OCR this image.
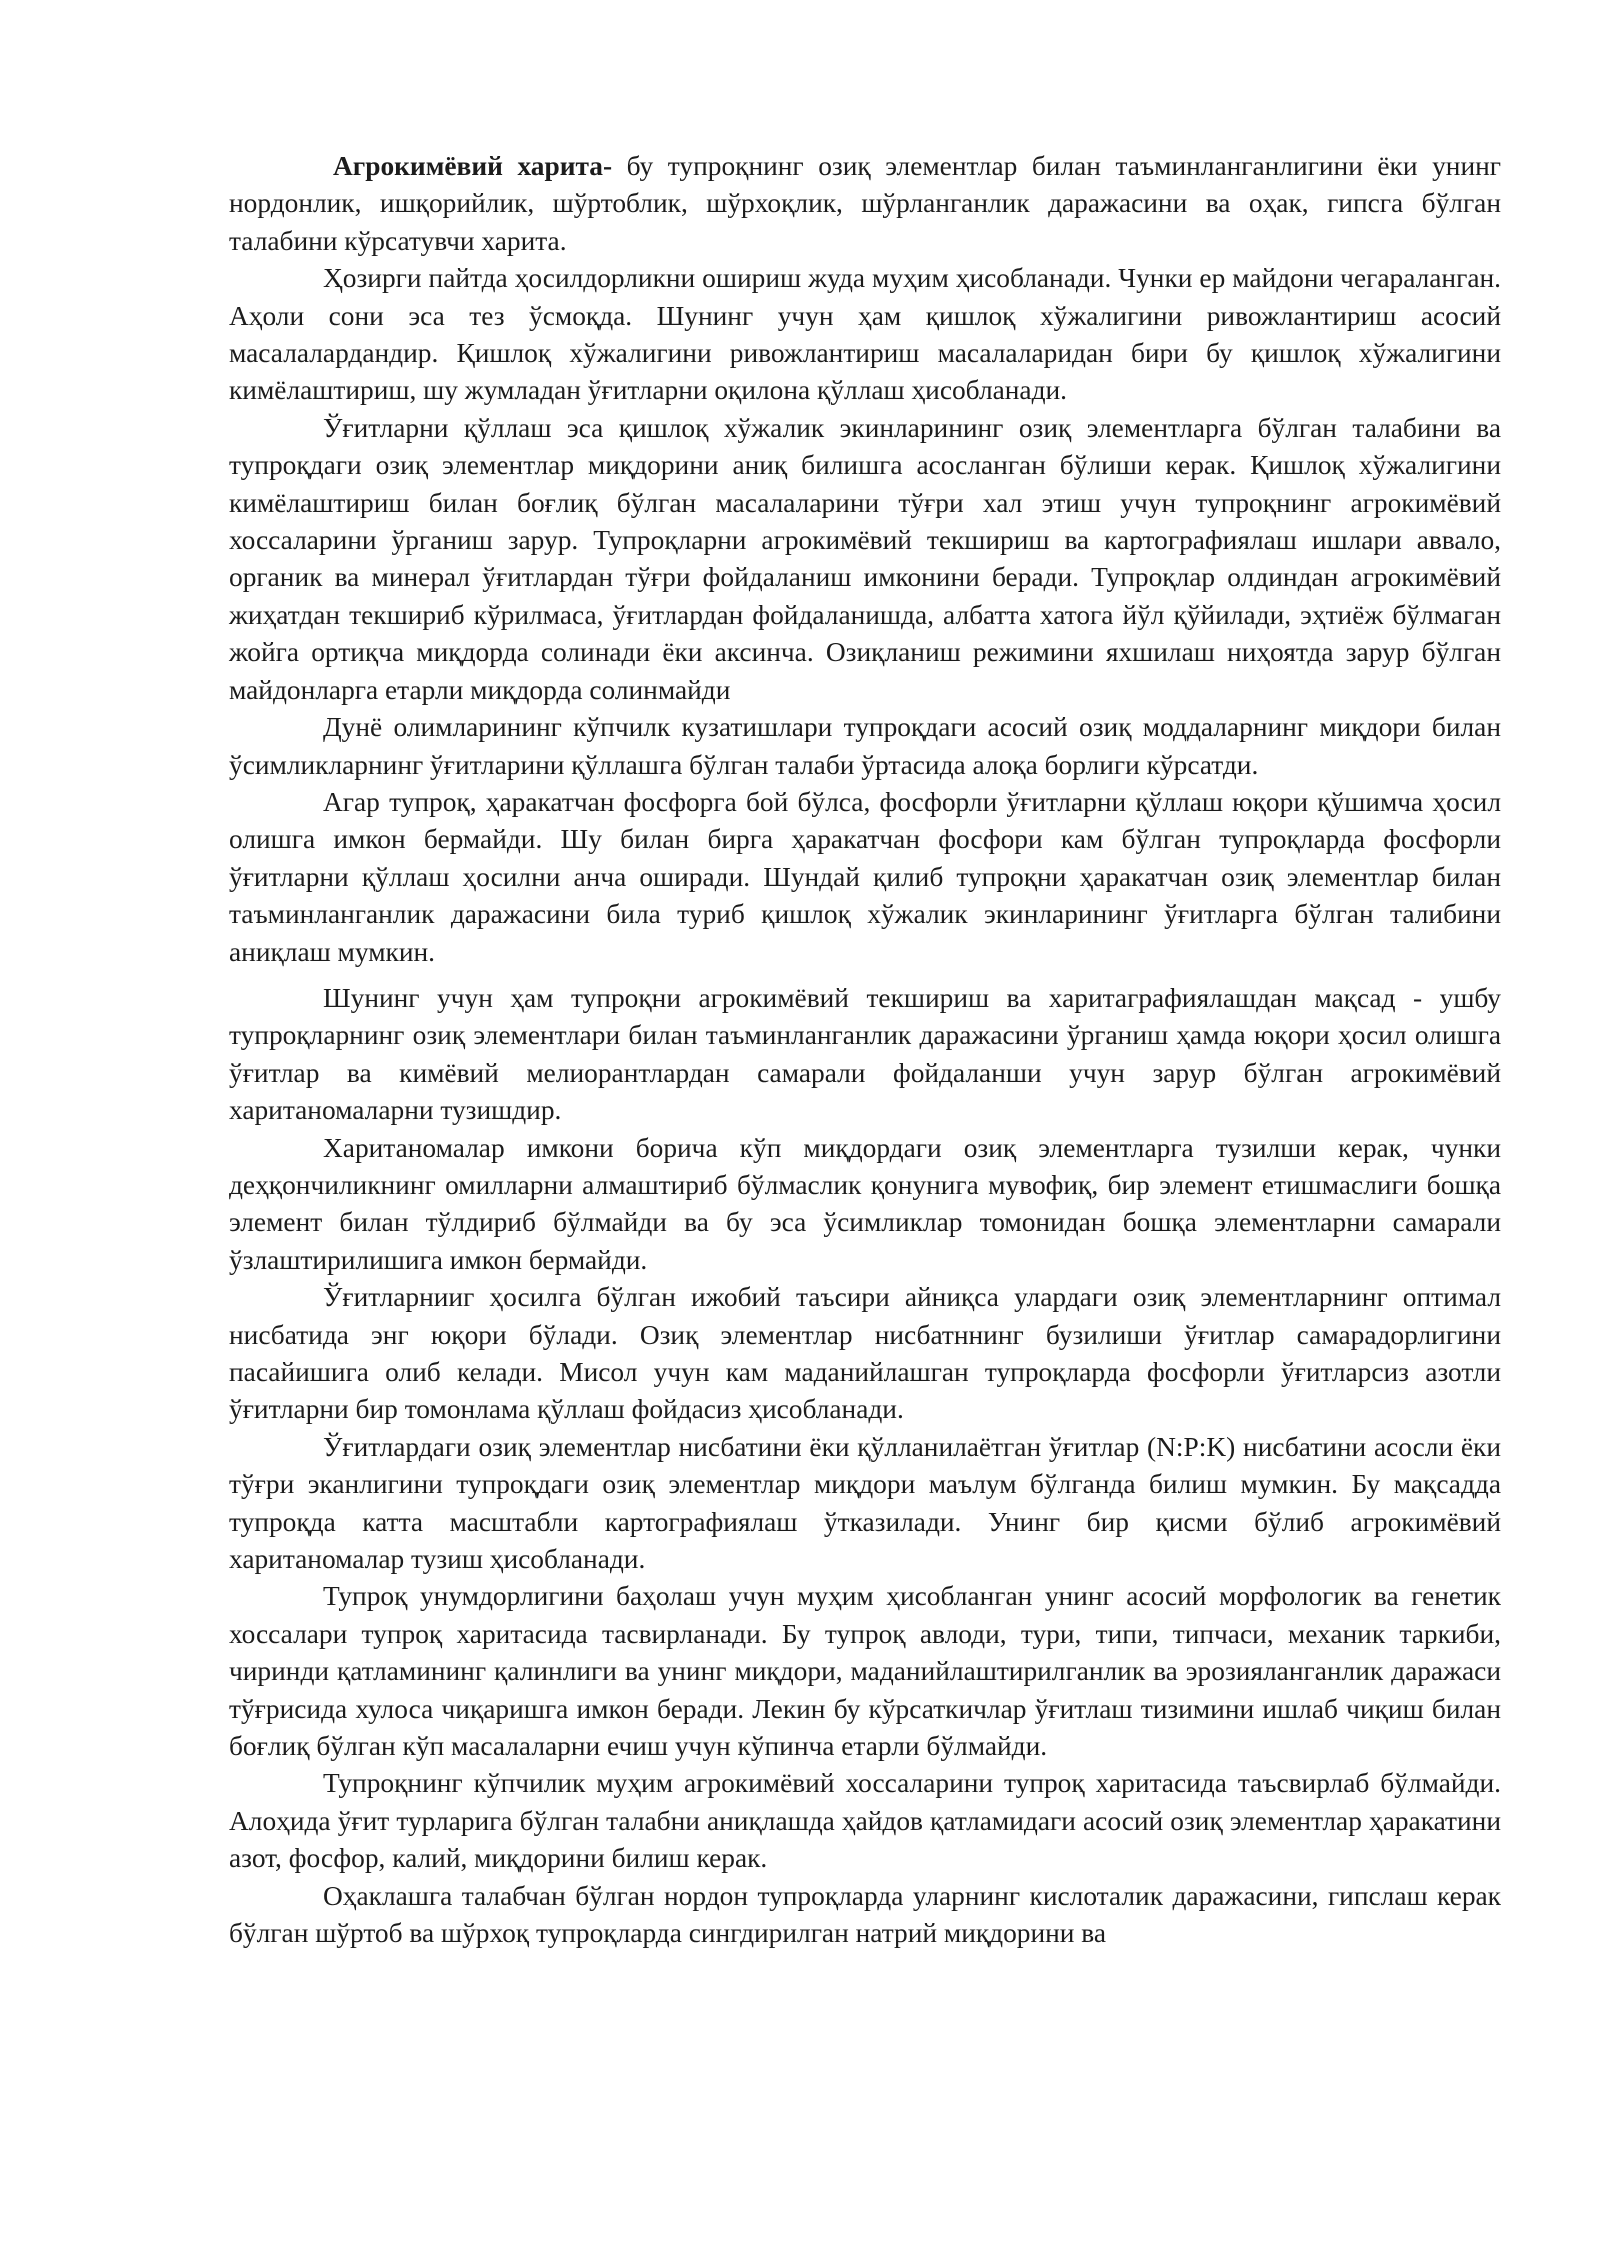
Агрокимёвий харита- бу тупроқнинг озиқ элементлар билан таъминланганлигини ёки унинг нордонлик, ишқорийлик, шўртоблик, шўрхоқлик, шўрланганлик даражасини ва оҳак, гипсга бўлган талабини кўрсатувчи харита.

Ҳозирги пайтда ҳосилдорликни ошириш жуда муҳим ҳисобланади. Чунки ер майдони чегараланган. Аҳоли сони эса тез ўсмоқда. Шунинг учун ҳам қишлоқ хўжалигини ривожлантириш асосий масалалардандир. Қишлоқ хўжалигини ривожлантириш масалаларидан бири бу қишлоқ хўжалигини кимёлаштириш, шу жумладан ўғитларни оқилона қўллаш ҳисобланади.

Ўғитларни қўллаш эса қишлоқ хўжалик экинларининг озиқ элементларга бўлган талабини ва тупроқдаги озиқ элементлар миқдорини аниқ билишга асосланган бўлиши керак. Қишлоқ хўжалигини кимёлаштириш билан боғлиқ бўлган масалаларини тўғри хал этиш учун тупроқнинг агрокимёвий хоссаларини ўрганиш зарур. Тупроқларни агрокимёвий текшириш ва картографиялаш ишлари аввало, органик ва минерал ўғитлардан тўғри фойдаланиш имконини беради. Тупроқлар олдиндан агрокимёвий жиҳатдан текшириб кўрилмаса, ўғитлардан фойдаланишда, албатта хатога йўл қўйилади, эҳтиёж бўлмаган жойга ортиқча миқдорда солинади ёки аксинча. Озиқланиш режимини яхшилаш ниҳоятда зарур бўлган майдонларга етарли миқдорда солинмайди

Дунё олимларининг кўпчилк кузатишлари тупроқдаги асосий озиқ моддаларнинг миқдори билан ўсимликларнинг ўғитларини қўллашга бўлган талаби ўртасида алоқа борлиги кўрсатди.

Агар тупроқ, ҳаракатчан фосфорга бой бўлса, фосфорли ўғитларни қўллаш юқори қўшимча ҳосил олишга имкон бермайди. Шу билан бирга ҳаракатчан фосфори кам бўлган тупроқларда фосфорли ўғитларни қўллаш ҳосилни анча оширади. Шундай қилиб тупроқни ҳаракатчан озиқ элементлар билан таъминланганлик даражасини била туриб қишлоқ хўжалик экинларининг ўғитларга бўлган талибини аниқлаш мумкин.

Шунинг учун ҳам тупроқни агрокимёвий текшириш ва харитаграфиялашдан мақсад - ушбу тупроқларнинг озиқ элементлари билан таъминланганлик даражасини ўрганиш ҳамда юқори ҳосил олишга ўғитлар ва кимёвий мелиорантлардан самарали фойдаланши учун зарур бўлган агрокимёвий хаританомаларни тузишдир.

Хаританомалар имкони борича кўп миқдордаги озиқ элементларга тузилши керак, чунки деҳқончиликнинг омилларни алмаштириб бўлмаслик қонунига мувофиқ, бир элемент етишмаслиги бошқа элемент билан тўлдириб бўлмайди ва бу эса ўсимликлар томонидан бошқа элементларни самарали ўзлаштирилишига имкон бермайди.

Ўғитларнииг ҳосилга бўлган ижобий таъсири айниқса улардаги озиқ элементларнинг оптимал нисбатида энг юқори бўлади. Озиқ элементлар нисбатннинг бузилиши ўғитлар самарадорлигини пасайишига олиб келади. Мисол учун кам маданийлашган тупроқларда фосфорли ўғитларсиз азотли ўғитларни бир томонлама қўллаш фойдасиз ҳисобланади.

Ўғитлардаги озиқ элементлар нисбатини ёки қўлланилаётган ўғитлар (N:P:K) нисбатини асосли ёки тўғри эканлигини тупроқдаги озиқ элементлар миқдори маълум бўлганда билиш мумкин. Бу мақсадда тупроқда катта масштабли картографиялаш ўтказилади. Унинг бир қисми бўлиб агрокимёвий хаританомалар тузиш ҳисобланади.

Тупроқ унумдорлигини баҳолаш учун муҳим ҳисобланган унинг асосий морфологик ва генетик хоссалари тупроқ харитасида тасвирланади. Бу тупроқ авлоди, тури, типи, типчаси, механик таркиби, чиринди қатламининг қалинлиги ва унинг миқдори, маданийлаштирилганлик ва эрозияланганлик даражаси тўғрисида хулоса чиқаришга имкон беради. Лекин бу кўрсаткичлар ўғитлаш тизимини ишлаб чиқиш билан боғлиқ бўлган кўп масалаларни ечиш учун кўпинча етарли бўлмайди.

Тупроқнинг кўпчилик муҳим агрокимёвий хоссаларини тупроқ харитасида таъсвирлаб бўлмайди. Алоҳида ўғит турларига бўлган талабни аниқлашда ҳайдов қатламидаги асосий озиқ элементлар ҳаракатини азот, фосфор, калий, миқдорини билиш керак.

Оҳаклашга талабчан бўлган нордон тупроқларда уларнинг кислоталик даражасини, гипслаш керак бўлган шўртоб ва шўрхоқ тупроқларда сингдирилган натрий миқдорини ва
